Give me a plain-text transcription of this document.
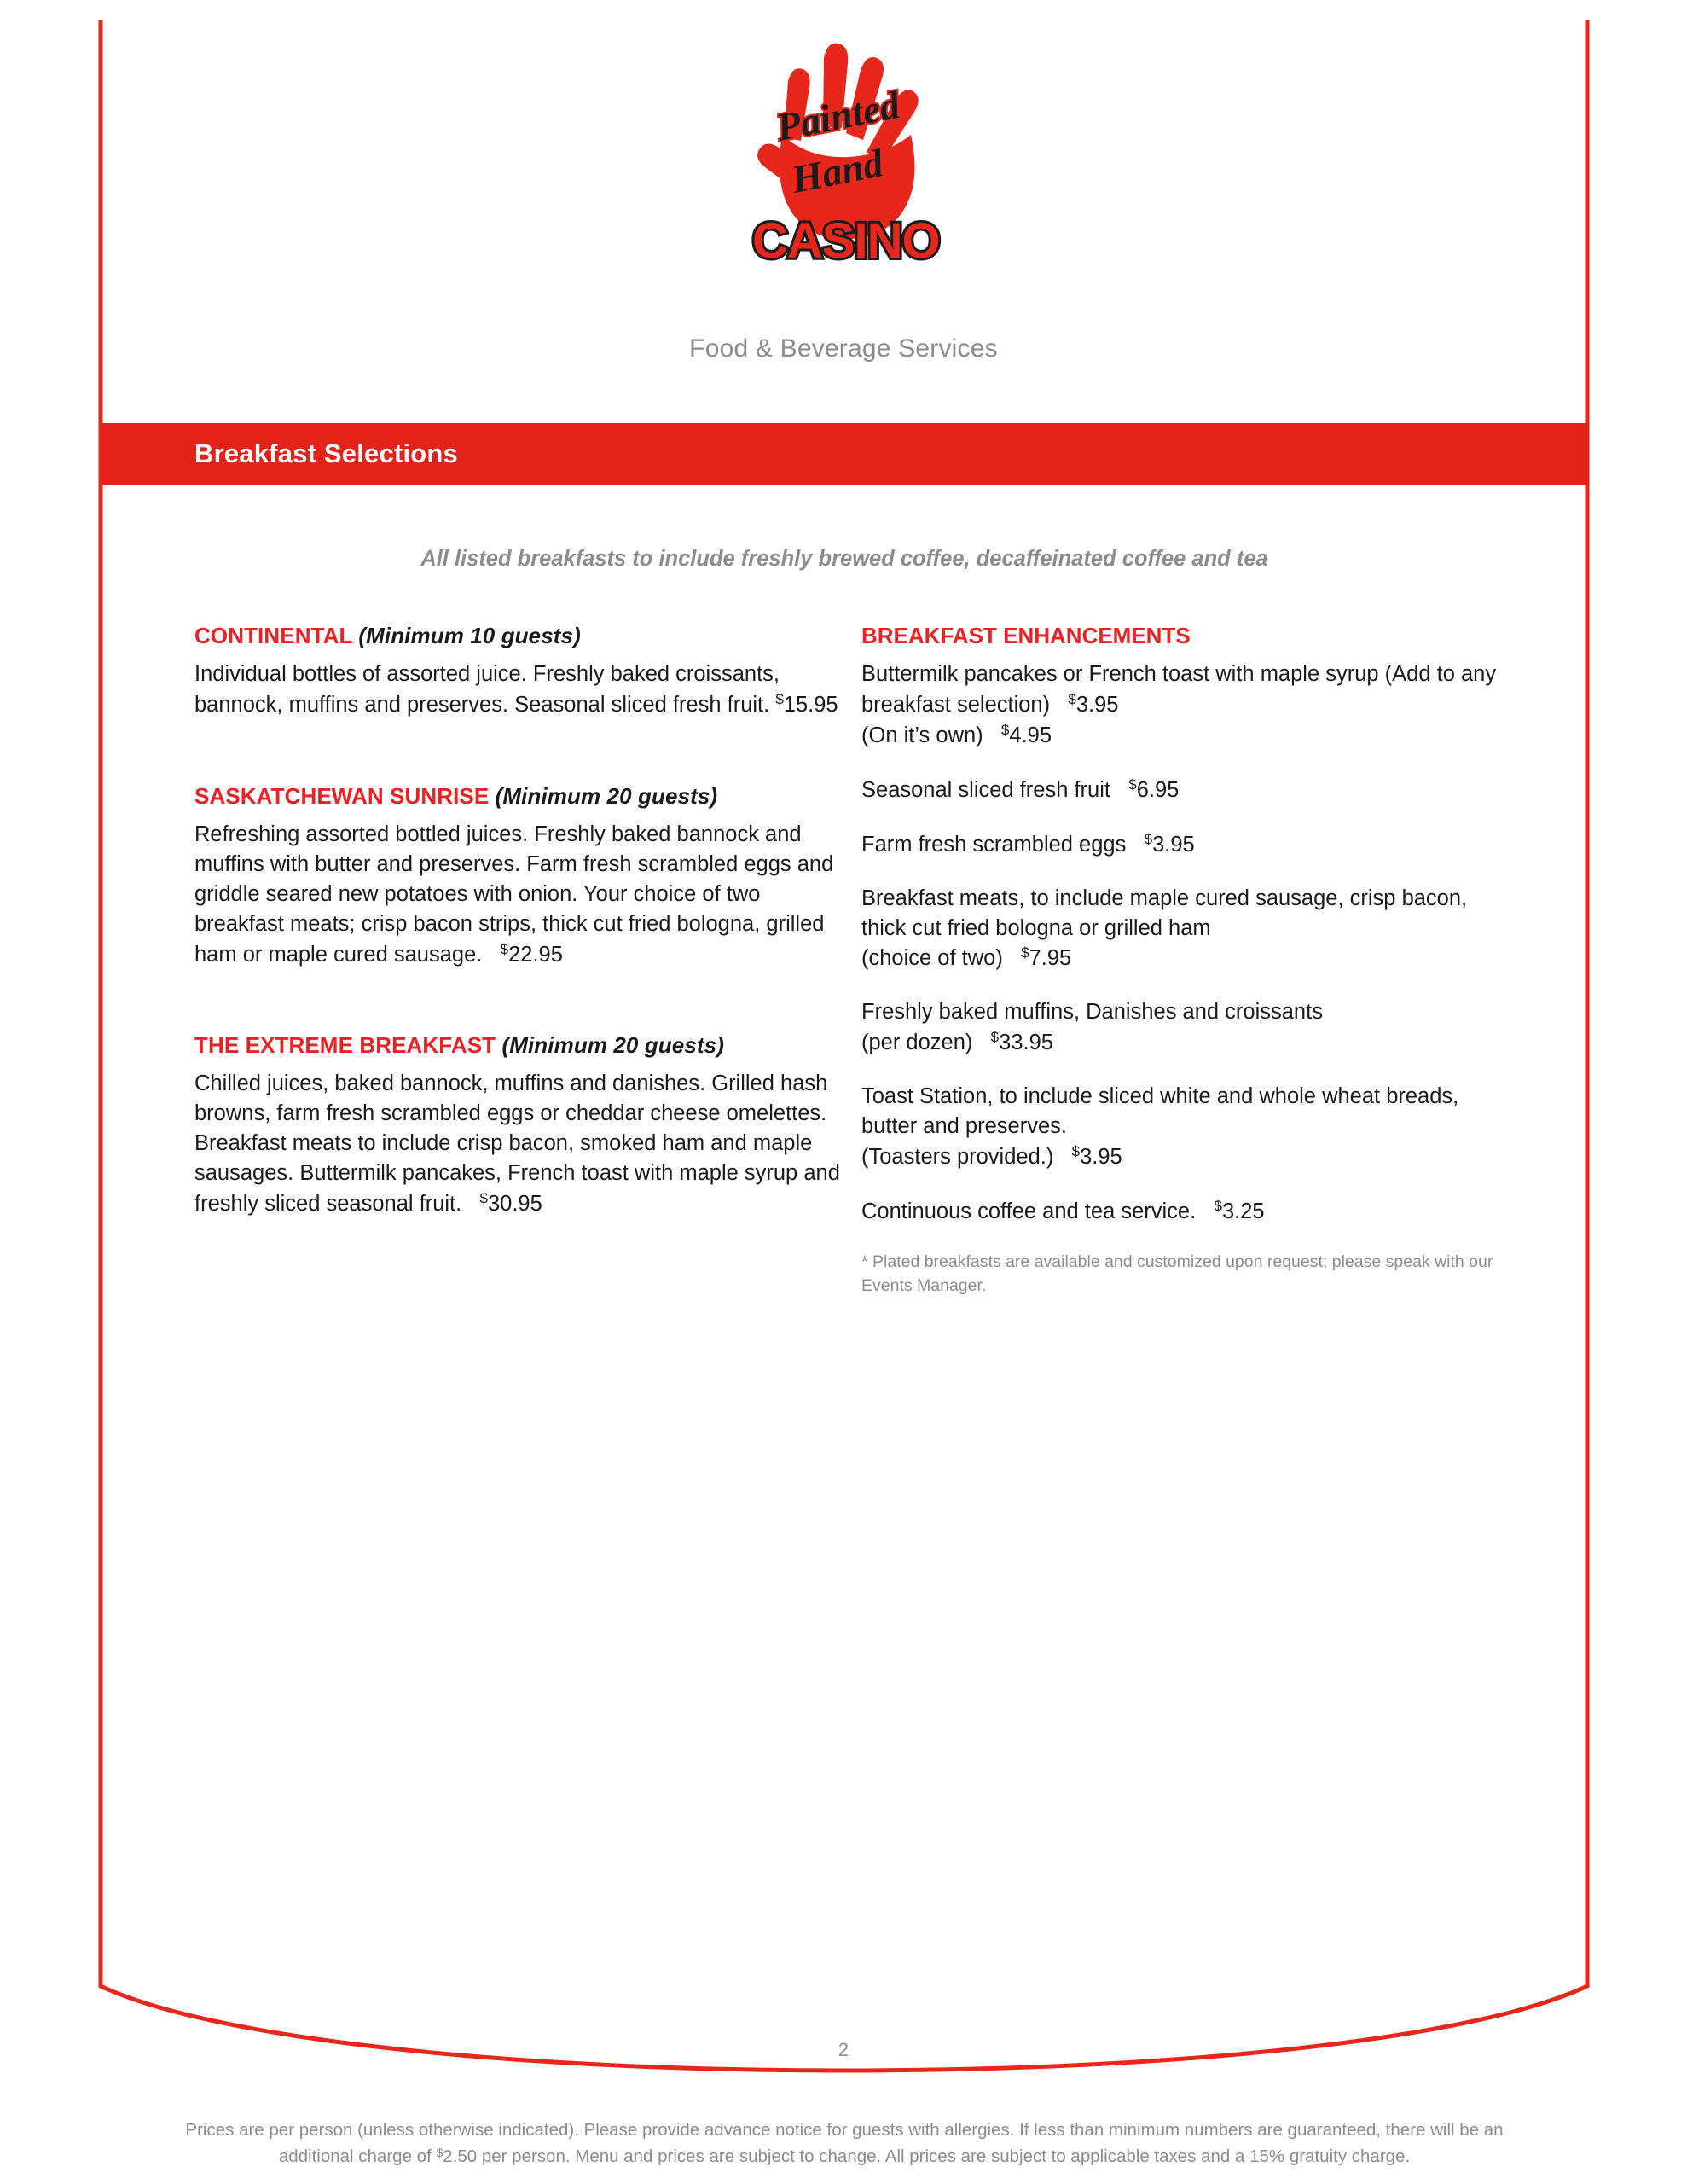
Painted
Hand
CASINO
Food & Beverage Services
Breakfast Selections
All listed breakfasts to include freshly brewed coffee, decaffeinated coffee and tea
CONTINENTAL (Minimum 10 guests)
Individual bottles of assorted juice. Freshly baked croissants, bannock, muffins and preserves. Seasonal sliced fresh fruit. $15.95
SASKATCHEWAN SUNRISE (Minimum 20 guests)
Refreshing assorted bottled juices. Freshly baked bannock and muffins with butter and preserves. Farm fresh scrambled eggs and griddle seared new potatoes with onion. Your choice of two breakfast meats; crisp bacon strips, thick cut fried bologna, grilled ham or maple cured sausage. $22.95
THE EXTREME BREAKFAST (Minimum 20 guests)
Chilled juices, baked bannock, muffins and danishes. Grilled hash browns, farm fresh scrambled eggs or cheddar cheese omelettes. Breakfast meats to include crisp bacon, smoked ham and maple sausages. Buttermilk pancakes, French toast with maple syrup and freshly sliced seasonal fruit. $30.95
BREAKFAST ENHANCEMENTS
Buttermilk pancakes or French toast with maple syrup (Add to any breakfast selection) $3.95
(On it’s own) $4.95
Seasonal sliced fresh fruit $6.95
Farm fresh scrambled eggs $3.95
Breakfast meats, to include maple cured sausage, crisp bacon, thick cut fried bologna or grilled ham
(choice of two) $7.95
Freshly baked muffins, Danishes and croissants
(per dozen) $33.95
Toast Station, to include sliced white and whole wheat breads, butter and preserves.
(Toasters provided.) $3.95
Continuous coffee and tea service. $3.25
* Plated breakfasts are available and customized upon request; please speak with our Events Manager.
2
Prices are per person (unless otherwise indicated). Please provide advance notice for guests with allergies. If less than minimum numbers are guaranteed, there will be an additional charge of $2.50 per person. Menu and prices are subject to change. All prices are subject to applicable taxes and a 15% gratuity charge.
